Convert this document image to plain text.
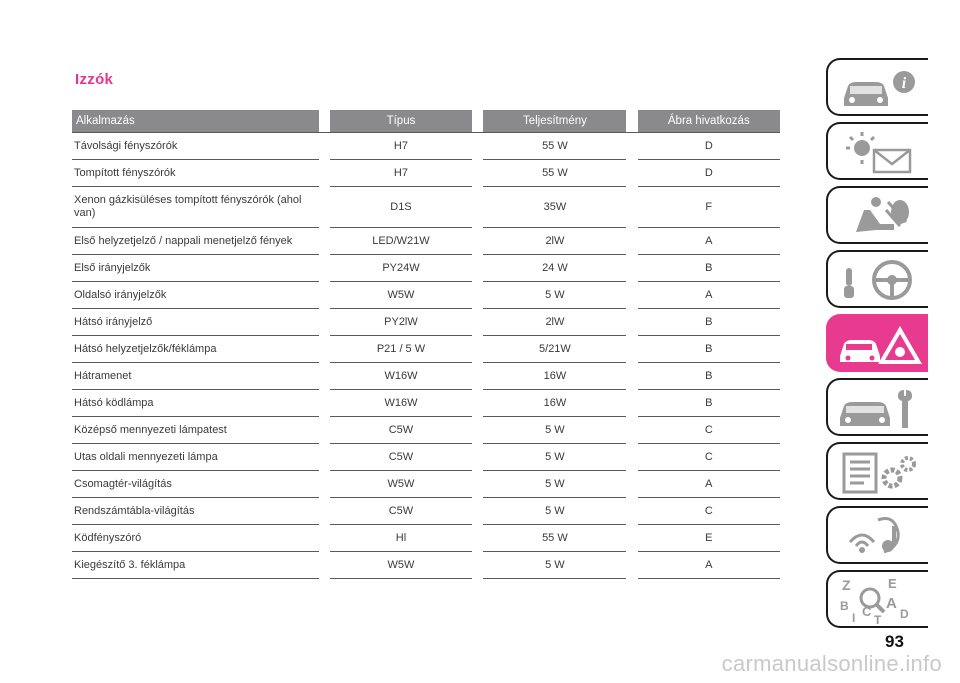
Izzók
Alkalmazás		Típus		Teljesítmény		Ábra hivatkozás
Távolsági fényszórók		H7		55 W		D
Tompított fényszórók		H7		55 W		D
Xenon gázkisüléses tompított fényszórók (ahol van)		D1S		35W		F
Első helyzetjelző / nappali menetjelző fények		LED/W21W		2lW		A
Első irányjelzők		PY24W		24 W		B
Oldalsó irányjelzők		W5W		5 W		A
Hátsó irányjelző		PY2lW		2lW		B
Hátsó helyzetjelzők/féklámpa		P21 / 5 W		5/21W		B
Hátramenet		W16W		16W		B
Hátsó ködlámpa		W16W		16W		B
Középső mennyezeti lámpatest		C5W		5 W		C
Utas oldali mennyezeti lámpa		C5W		5 W		C
Csomagtér-világítás		W5W		5 W		A
Rendszámtábla-világítás		C5W		5 W		C
Ködfényszóró		Hl		55 W		E
Kiegészítő 3. féklámpa		W5W		5 W		A
i
Z	E
B A
I C
T D
93
carmanualsonline.info
